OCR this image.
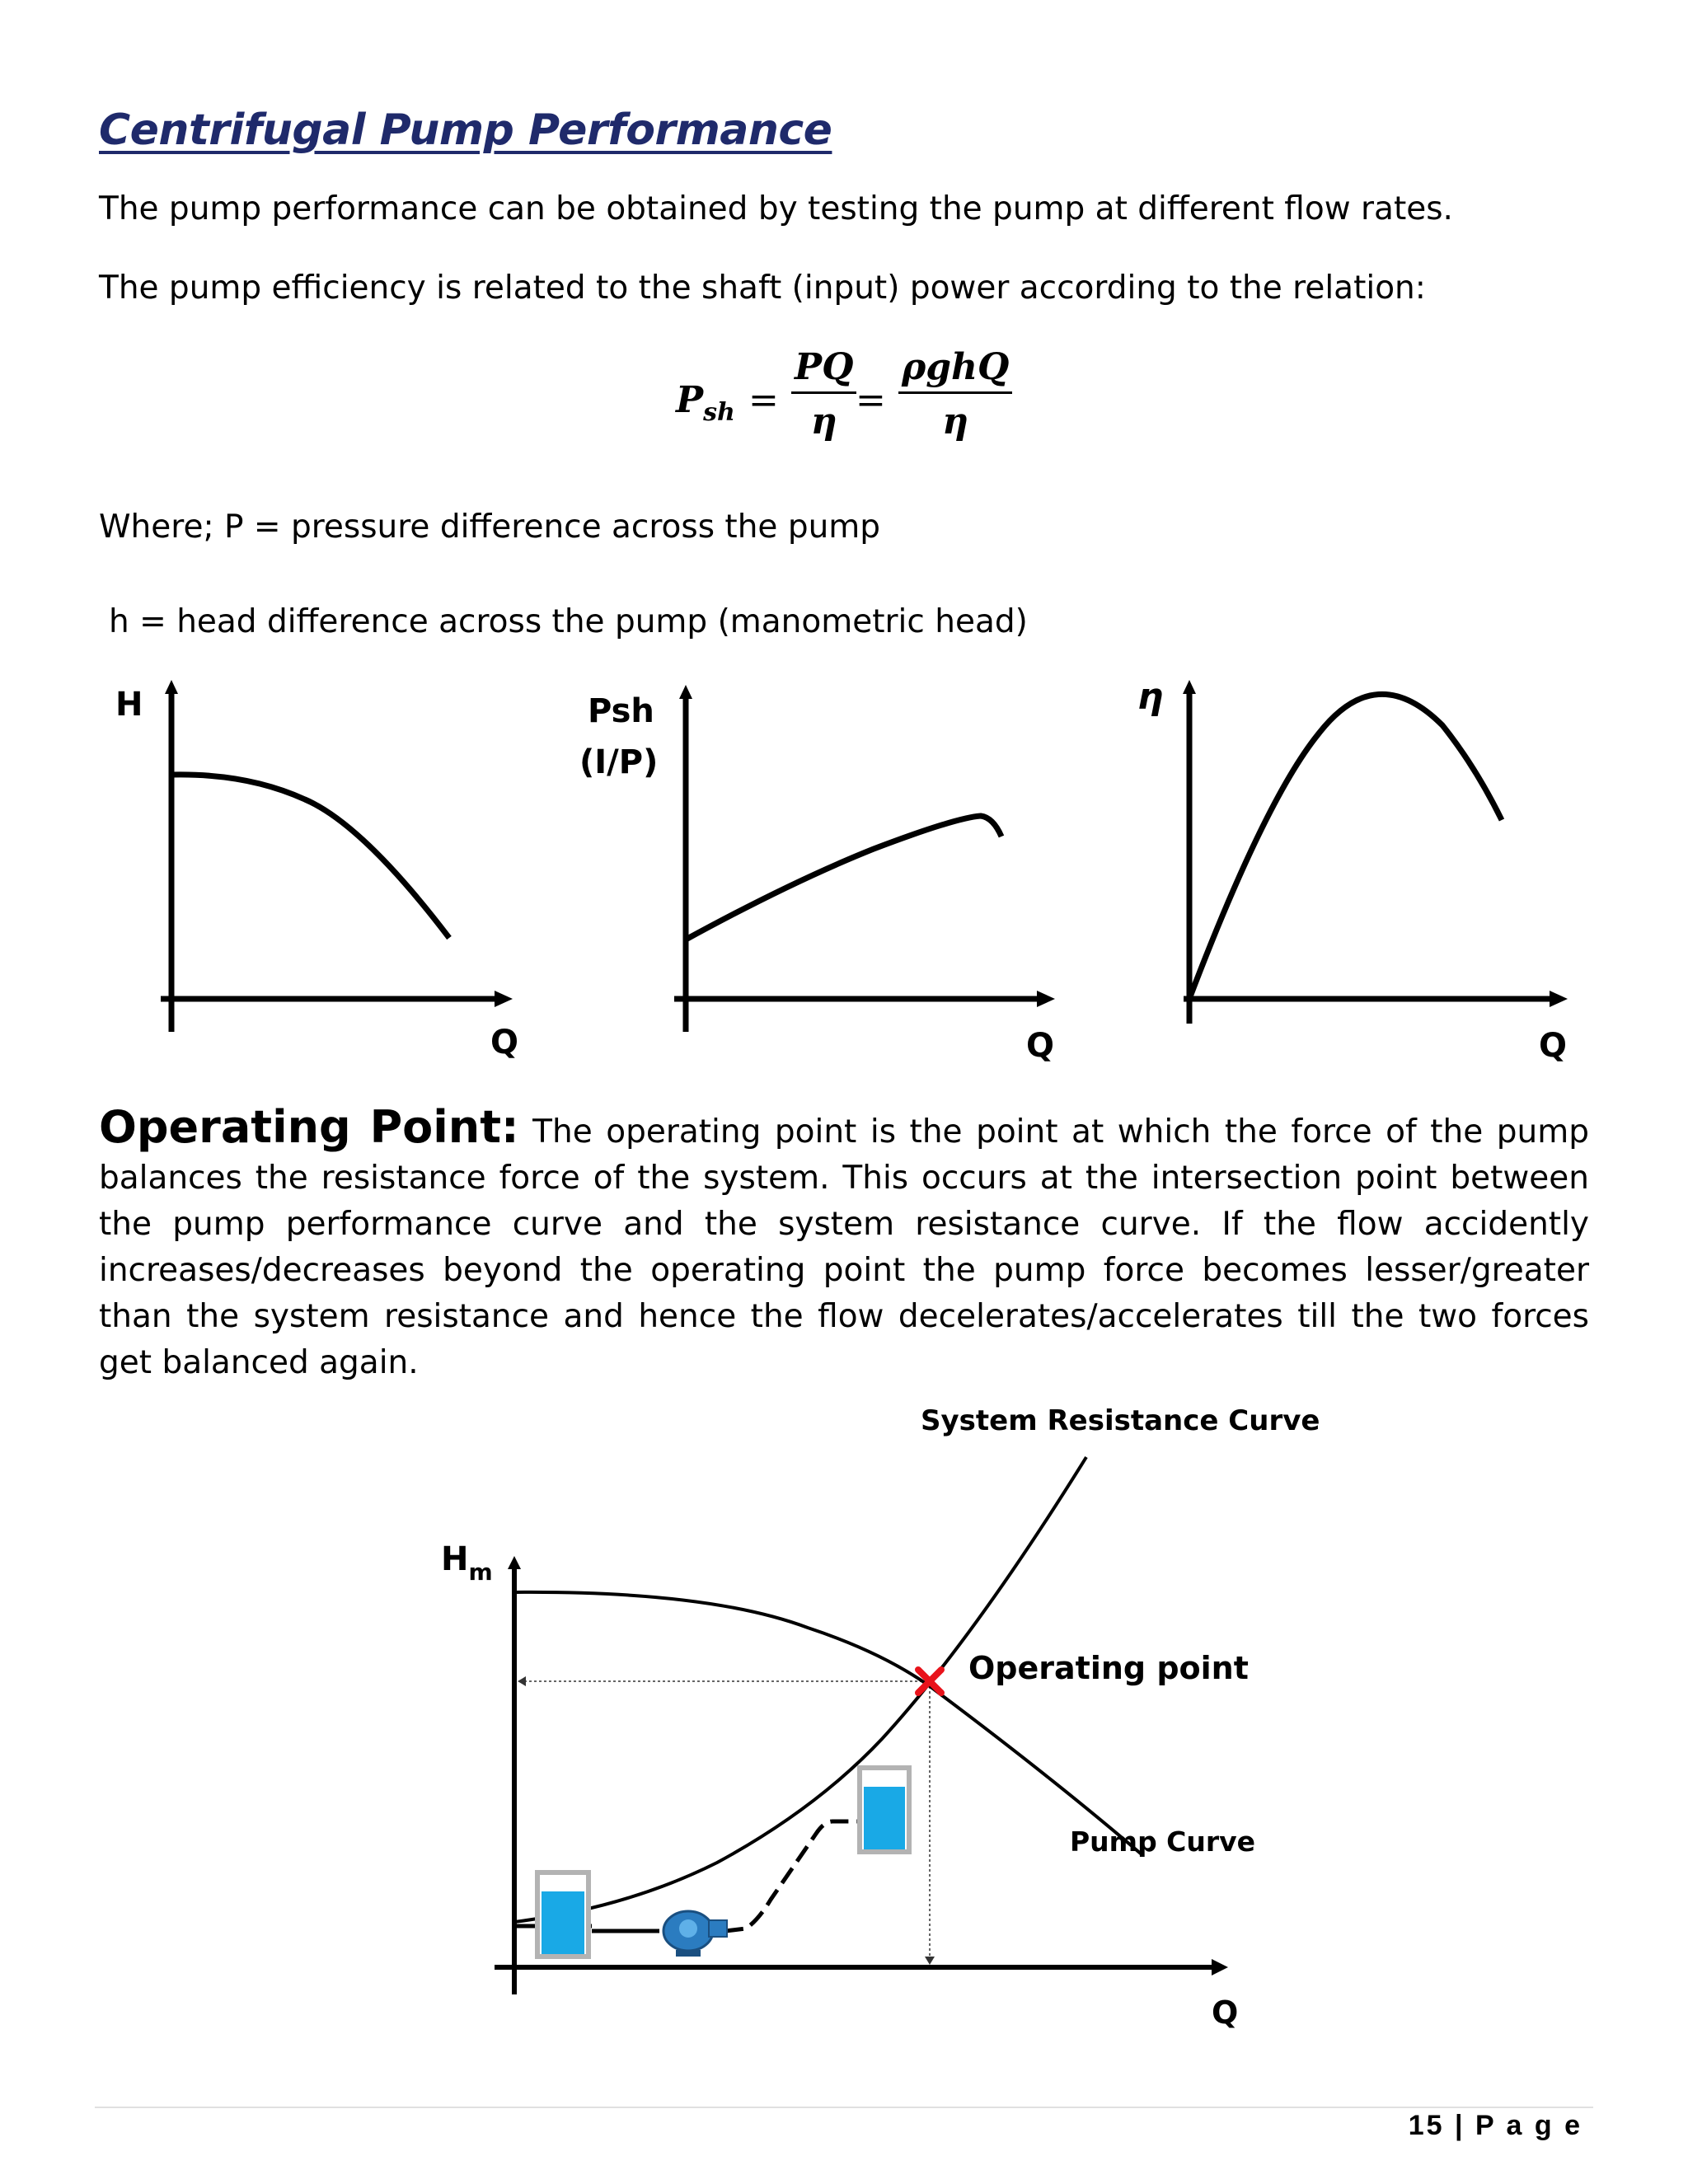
Centrifugal Pump Performance

The pump performance can be obtained by testing the pump at different flow rates.

The pump efficiency is related to the shaft (input) power according to the relation:

$P_{sh}$ =
PQ
η
=
ρghQ
η

Where; P = pressure difference across the pump

h = head difference across the pump (manometric head)

H
Q
Psh
(I/P)
Q
η
Q

Operating Point: The operating point is the point at which the force of the pump balances the resistance force of the system. This occurs at the intersection point between the pump performance curve and the system resistance curve. If the flow accidently increases/decreases beyond the operating point the pump force becomes lesser/greater than the system resistance and hence the flow decelerates/accelerates till the two forces get balanced again.

System Resistance Curve
Operating point
Pump Curve
$H_m$
Q
15 | P a g e
